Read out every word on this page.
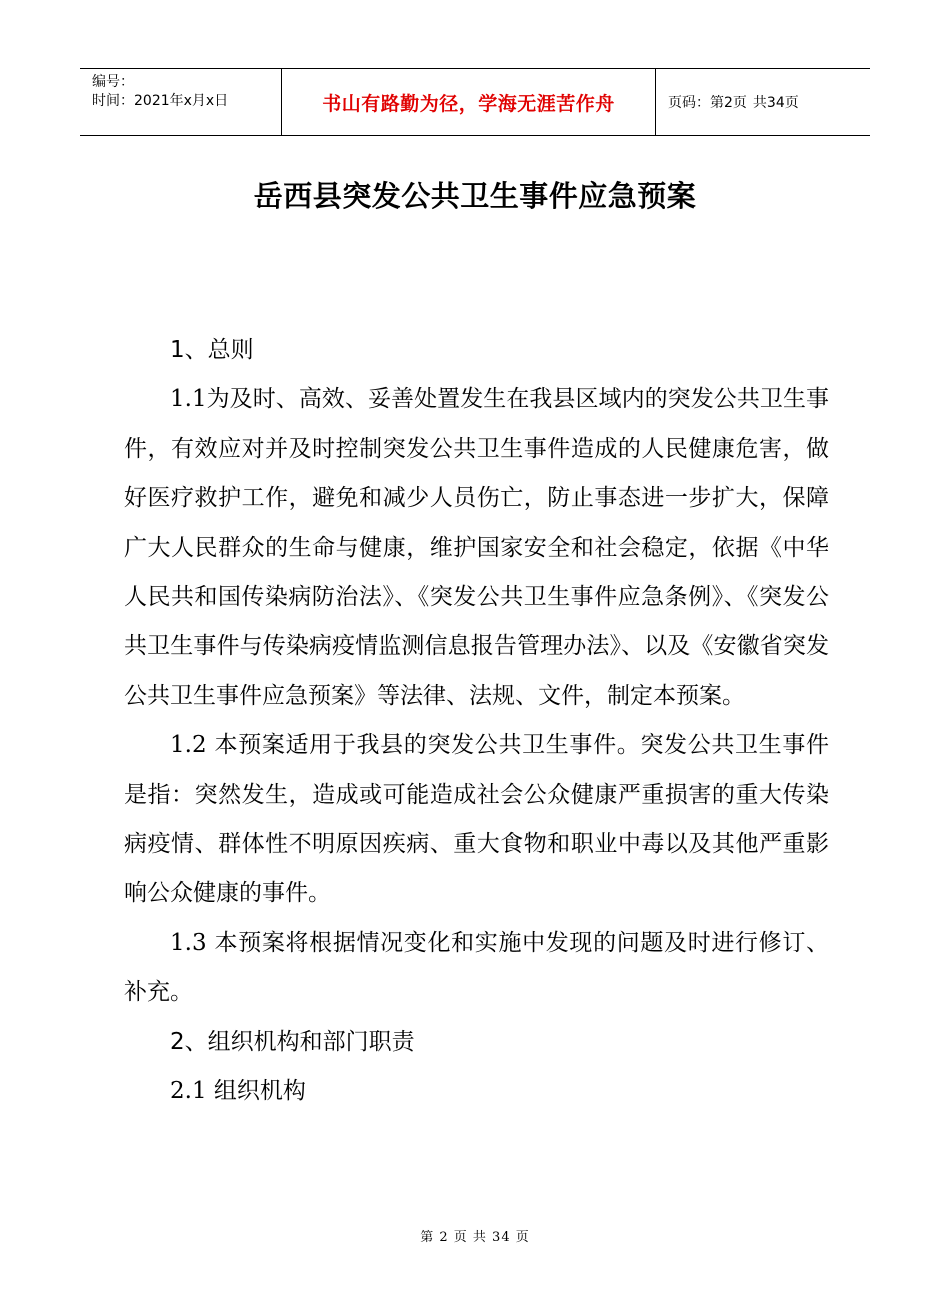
编号：
时间：2021年x月x日	书山有路勤为径，学海无涯苦作舟	页码：第2页 共34页
岳西县突发公共卫生事件应急预案

1、总则

1.1为及时、高效、妥善处置发生在我县区域内的突发公共卫生事件，有效应对并及时控制突发公共卫生事件造成的人民健康危害，做好医疗救护工作，避免和减少人员伤亡，防止事态进一步扩大，保障广大人民群众的生命与健康，维护国家安全和社会稳定，依据《中华人民共和国传染病防治法》、《突发公共卫生事件应急条例》、《突发公共卫生事件与传染病疫情监测信息报告管理办法》、以及《安徽省突发公共卫生事件应急预案》等法律、法规、文件，制定本预案。

1.2 本预案适用于我县的突发公共卫生事件。突发公共卫生事件是指：突然发生，造成或可能造成社会公众健康严重损害的重大传染病疫情、群体性不明原因疾病、重大食物和职业中毒以及其他严重影响公众健康的事件。

1.3 本预案将根据情况变化和实施中发现的问题及时进行修订、补充。

2、组织机构和部门职责

2.1 组织机构

第 2 页 共 34 页
